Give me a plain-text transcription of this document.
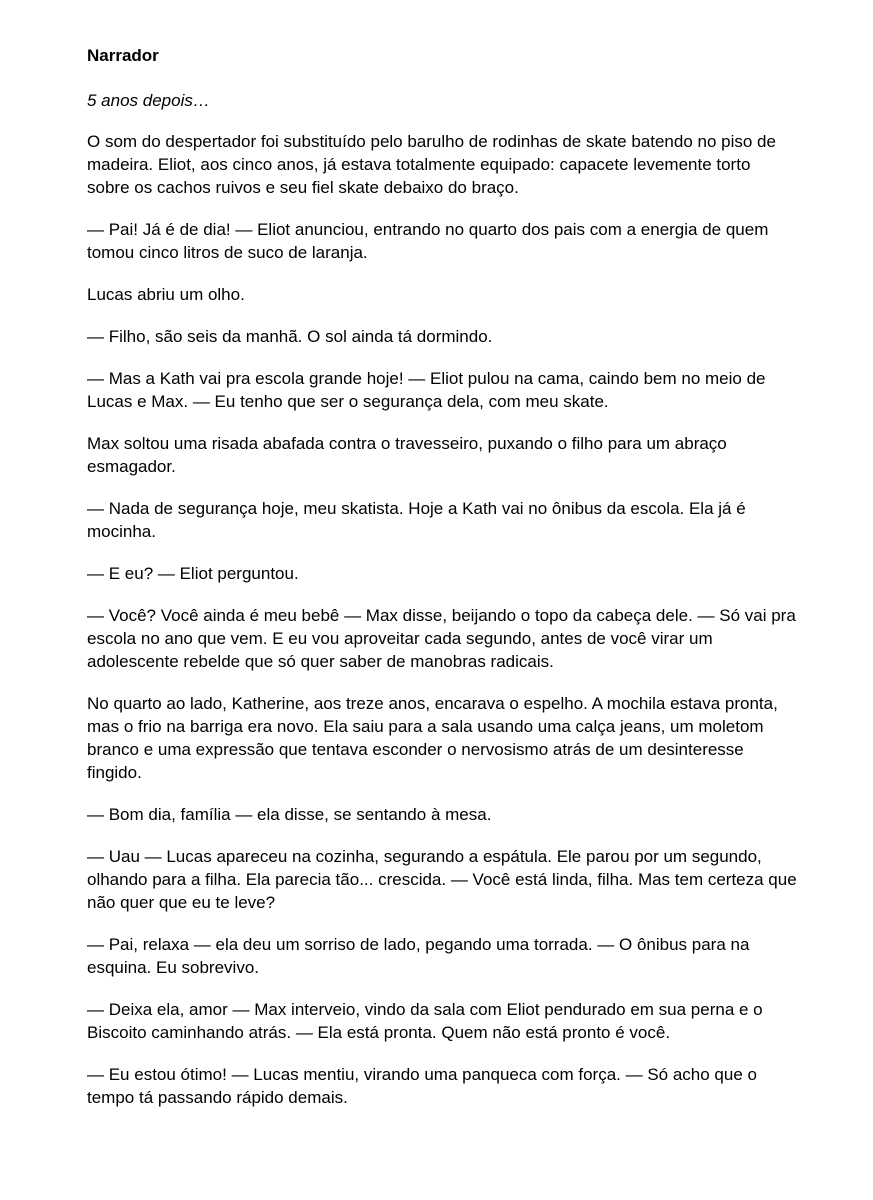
Narrador
5 anos depois…

O som do despertador foi substituído pelo barulho de rodinhas de skate batendo no piso de madeira. Eliot, aos cinco anos, já estava totalmente equipado: capacete levemente torto sobre os cachos ruivos e seu fiel skate debaixo do braço.

— Pai! Já é de dia! — Eliot anunciou, entrando no quarto dos pais com a energia de quem tomou cinco litros de suco de laranja.

Lucas abriu um olho.

— Filho, são seis da manhã. O sol ainda tá dormindo.

— Mas a Kath vai pra escola grande hoje! — Eliot pulou na cama, caindo bem no meio de Lucas e Max. — Eu tenho que ser o segurança dela, com meu skate.

Max soltou uma risada abafada contra o travesseiro, puxando o filho para um abraço esmagador.

— Nada de segurança hoje, meu skatista. Hoje a Kath vai no ônibus da escola. Ela já é mocinha.

— E eu? — Eliot perguntou.

— Você? Você ainda é meu bebê — Max disse, beijando o topo da cabeça dele. — Só vai pra escola no ano que vem. E eu vou aproveitar cada segundo, antes de você virar um adolescente rebelde que só quer saber de manobras radicais.

No quarto ao lado, Katherine, aos treze anos, encarava o espelho. A mochila estava pronta, mas o frio na barriga era novo. Ela saiu para a sala usando uma calça jeans, um moletom branco e uma expressão que tentava esconder o nervosismo atrás de um desinteresse fingido.

— Bom dia, família — ela disse, se sentando à mesa.

— Uau — Lucas apareceu na cozinha, segurando a espátula. Ele parou por um segundo, olhando para a filha. Ela parecia tão... crescida. — Você está linda, filha. Mas tem certeza que não quer que eu te leve?

— Pai, relaxa — ela deu um sorriso de lado, pegando uma torrada. — O ônibus para na esquina. Eu sobrevivo.

— Deixa ela, amor — Max interveio, vindo da sala com Eliot pendurado em sua perna e o Biscoito caminhando atrás. — Ela está pronta. Quem não está pronto é você.

— Eu estou ótimo! — Lucas mentiu, virando uma panqueca com força. — Só acho que o tempo tá passando rápido demais.
